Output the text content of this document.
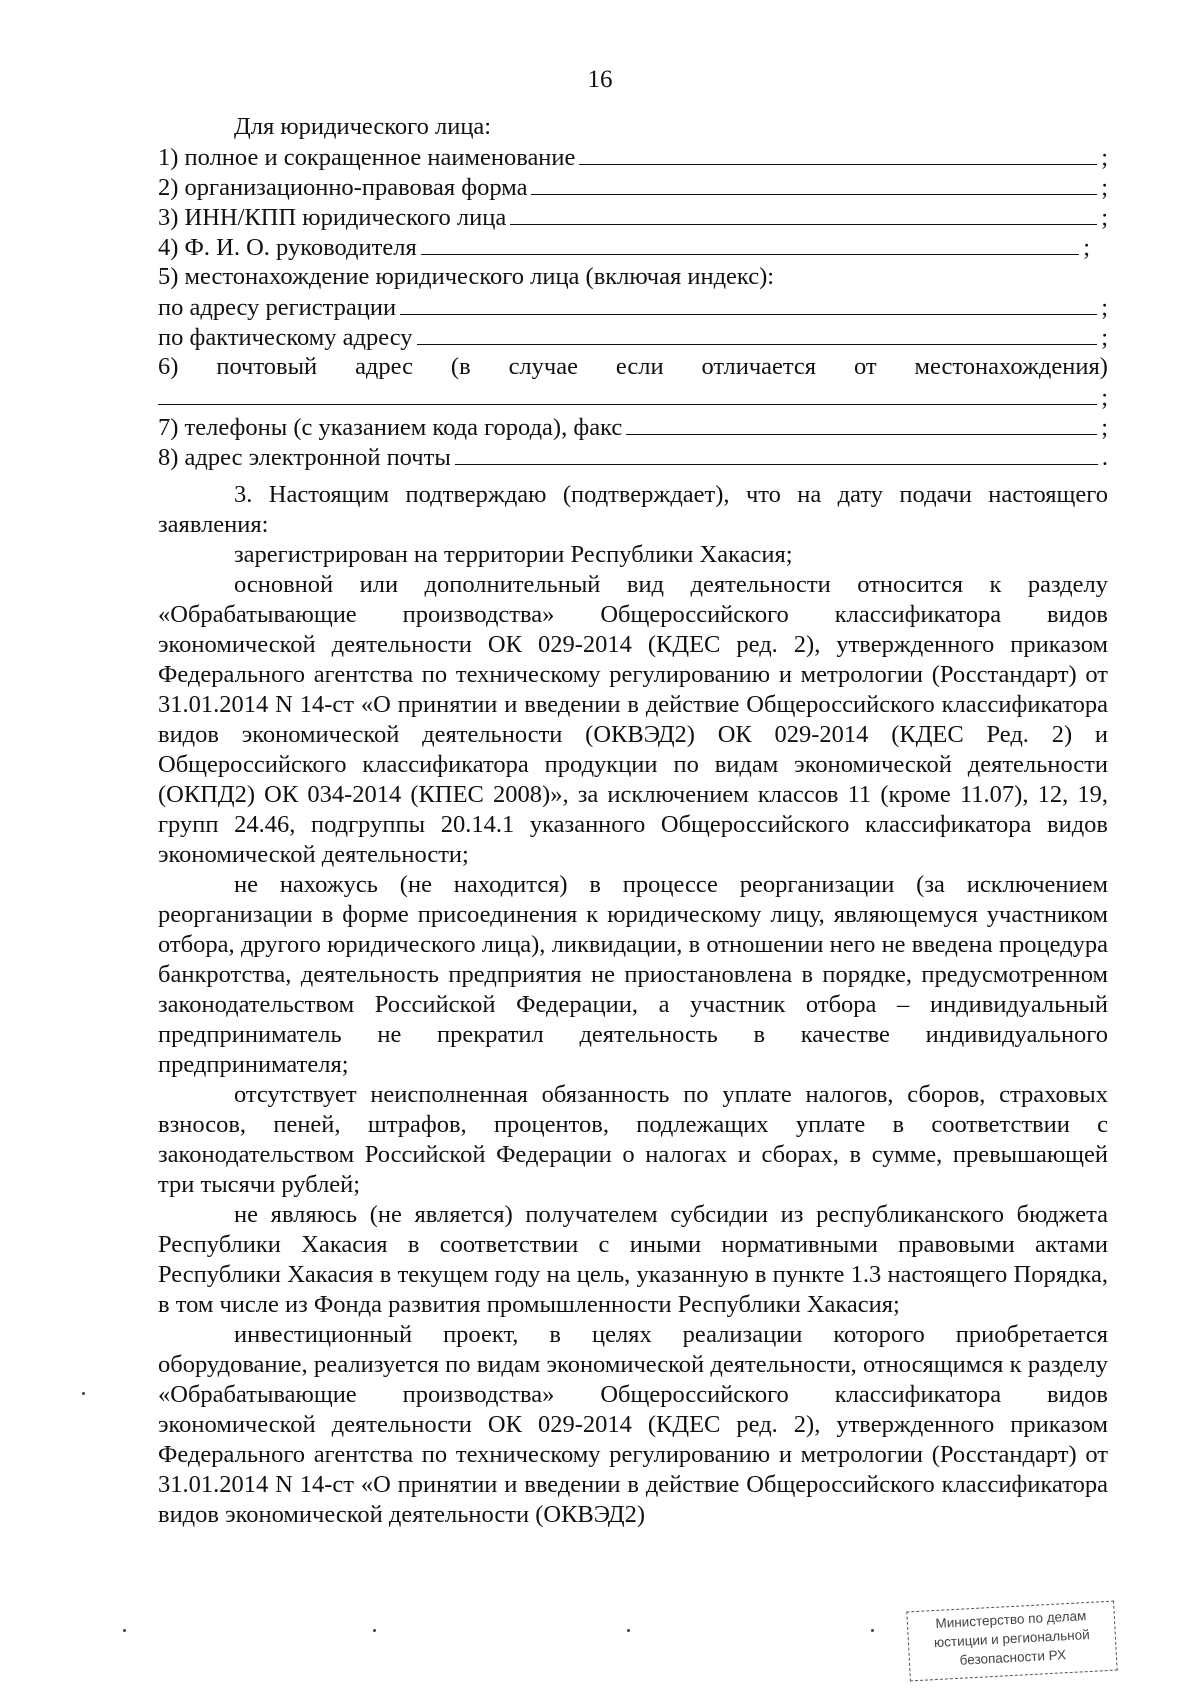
16
Для юридического лица:
1) полное и сокращенное наименование	;
2) организационно-правовая форма	;
3) ИНН/КПП юридического лица	;
4) Ф. И. О. руководителя	;
5) местонахождение юридического лица (включая индекс):
по адресу регистрации	;
по фактическому адресу	;
6) почтовый адрес (в случае если отличается от местонахождения)
;
7) телефоны (с указанием кода города), факс	;
8) адрес электронной почты	.

3. Настоящим подтверждаю (подтверждает), что на дату подачи настоящего заявления:

зарегистрирован на территории Республики Хакасия;

основной или дополнительный вид деятельности относится к разделу «Обрабатывающие производства» Общероссийского классификатора видов экономической деятельности ОК 029-2014 (КДЕС ред. 2), утвержденного приказом Федерального агентства по техническому регулированию и метрологии (Росстандарт) от 31.01.2014 N 14-ст «О принятии и введении в действие Общероссийского классификатора видов экономической деятельности (ОКВЭД2) ОК 029-2014 (КДЕС Ред. 2) и Общероссийского классификатора продукции по видам экономической деятельности (ОКПД2) ОК 034-2014 (КПЕС 2008)», за исключением классов 11 (кроме 11.07), 12, 19, групп 24.46, подгруппы 20.14.1 указанного Общероссийского классификатора видов экономической деятельности;

не нахожусь (не находится) в процессе реорганизации (за исключением реорганизации в форме присоединения к юридическому лицу, являющемуся участником отбора, другого юридического лица), ликвидации, в отношении него не введена процедура банкротства, деятельность предприятия не приостановлена в порядке, предусмотренном законодательством Российской Федерации, а участник отбора – индивидуальный предприниматель не прекратил деятельность в качестве индивидуального предпринимателя;

отсутствует неисполненная обязанность по уплате налогов, сборов, страховых взносов, пеней, штрафов, процентов, подлежащих уплате в соответствии с законодательством Российской Федерации о налогах и сборах, в сумме, превышающей три тысячи рублей;

не являюсь (не является) получателем субсидии из республиканского бюджета Республики Хакасия в соответствии с иными нормативными правовыми актами Республики Хакасия в текущем году на цель, указанную в пункте 1.3 настоящего Порядка, в том числе из Фонда развития промышленности Республики Хакасия;

инвестиционный проект, в целях реализации которого приобретается оборудование, реализуется по видам экономической деятельности, относящимся к разделу «Обрабатывающие производства» Общероссийского классификатора видов экономической деятельности ОК 029-2014 (КДЕС ред. 2), утвержденного приказом Федерального агентства по техническому регулированию и метрологии (Росстандарт) от 31.01.2014 N 14-ст «О принятии и введении в действие Общероссийского классификатора видов экономической деятельности (ОКВЭД2)

Министерство по делам
юстиции и региональной
безопасности РХ
